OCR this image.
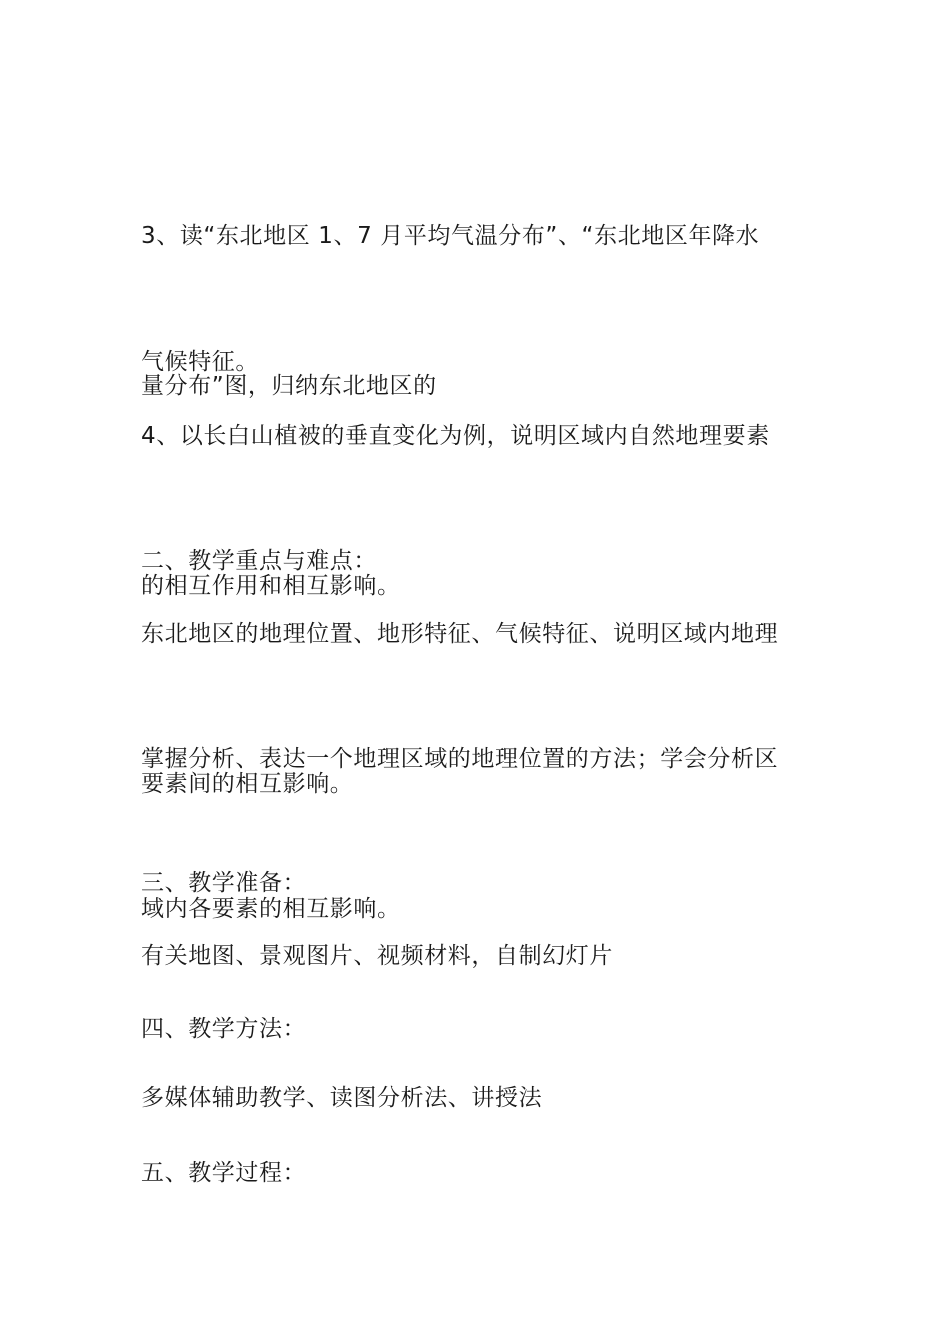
3、读“东北地区 1、7 月平均气温分布”、“东北地区年降水

量分布”图，归纳东北地区的

气候特征。

4、以长白山植被的垂直变化为例，说明区域内自然地理要素

的相互作用和相互影响。

二、教学重点与难点：

东北地区的地理位置、地形特征、气候特征、说明区域内地理

要素间的相互影响。

掌握分析、表达一个地理区域的地理位置的方法；学会分析区

域内各要素的相互影响。

三、教学准备：

有关地图、景观图片、视频材料，自制幻灯片

四、教学方法：

多媒体辅助教学、读图分析法、讲授法

五、教学过程：
